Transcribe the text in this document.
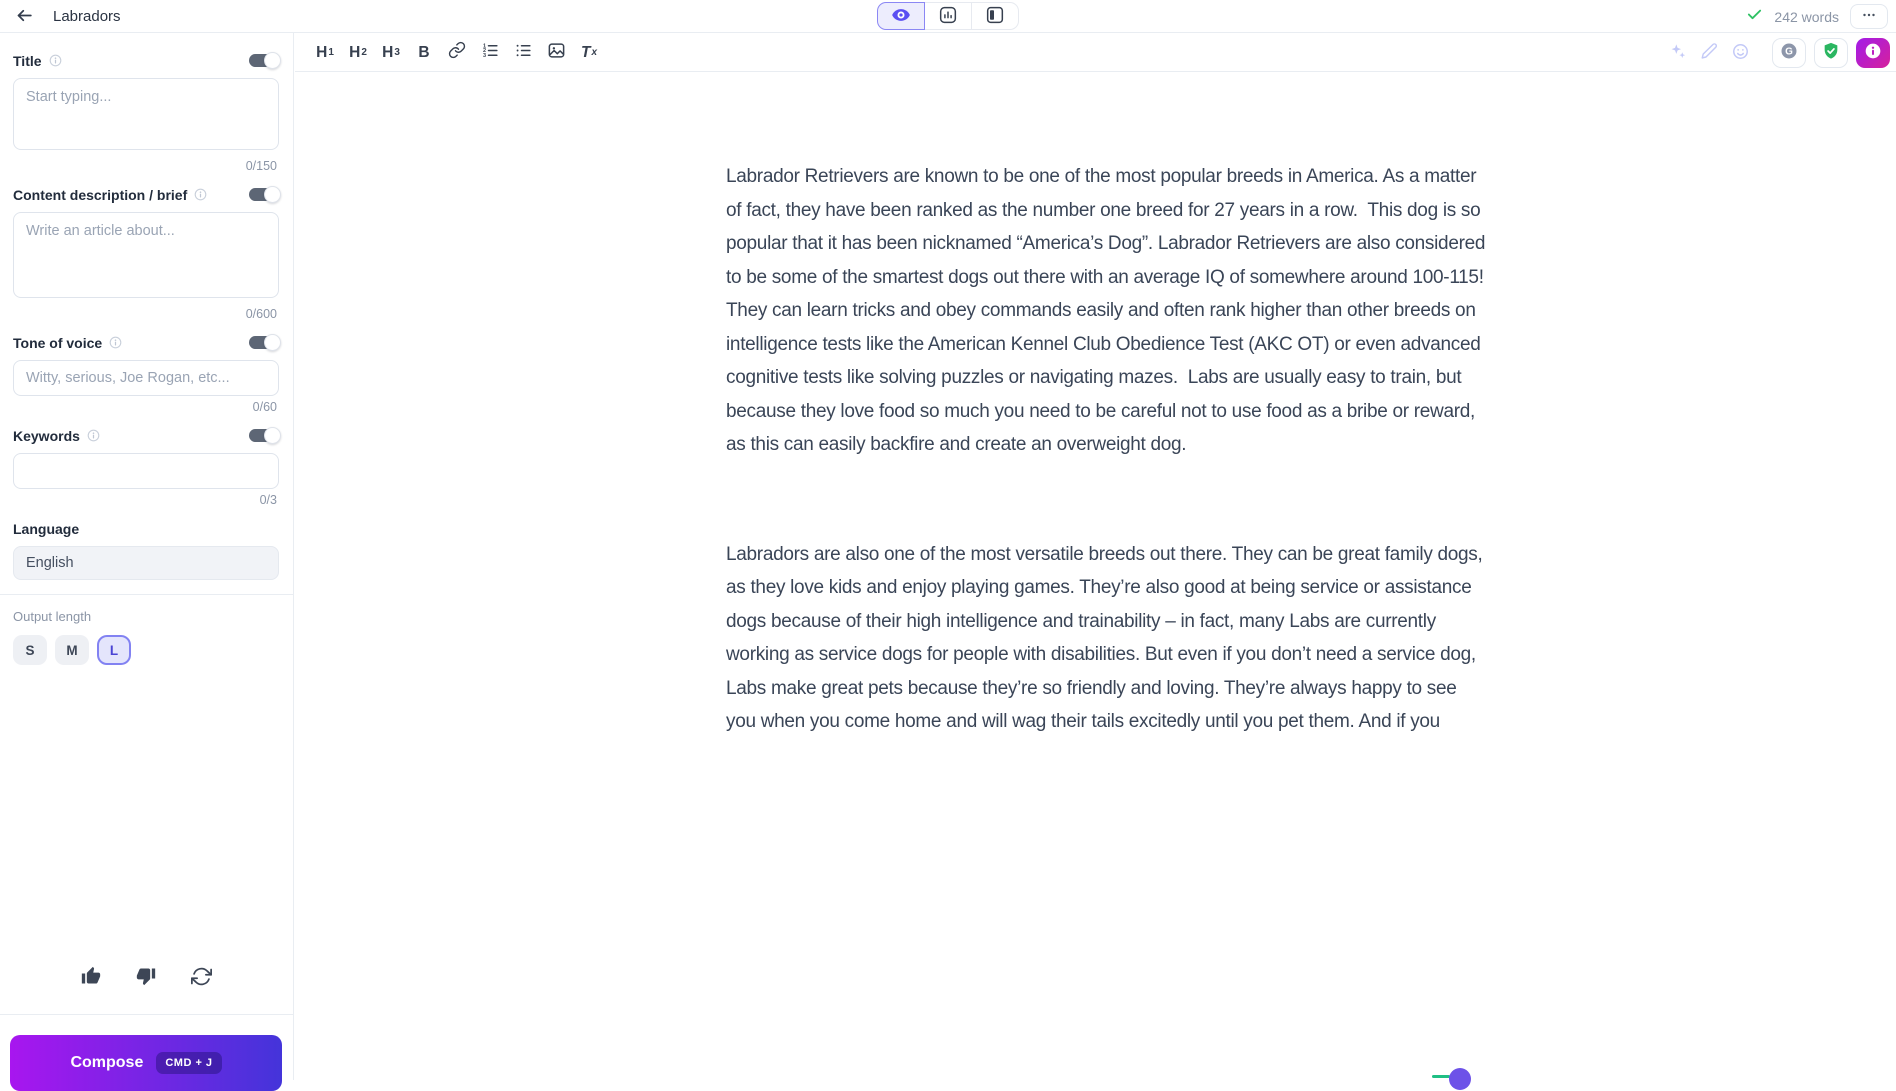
Labradors	242 words
Title
Start typing...
0/150
Content description / brief
Write an article about...
0/600
Tone of voice
Witty, serious, Joe Rogan, etc...
0/60
Keywords
0/3
Language
English
Output length
S	M	L
Compose	CMD + J
H 1 H 2 H 3 B	1
2
3	T x	G

Labrador Retrievers are known to be one of the most popular breeds in America. As a matter of fact, they have been ranked as the number one breed for 27 years in a row.  This dog is so popular that it has been nicknamed “America’s Dog”. Labrador Retrievers are also considered to be some of the smartest dogs out there with an average IQ of somewhere around 100-115! They can learn tricks and obey commands easily and often rank higher than other breeds on intelligence tests like the American Kennel Club Obedience Test (AKC OT) or even advanced cognitive tests like solving puzzles or navigating mazes.  Labs are usually easy to train, but because they love food so much you need to be careful not to use food as a bribe or reward, as this can easily backfire and create an overweight dog.

Labradors are also one of the most versatile breeds out there. They can be great family dogs, as they love kids and enjoy playing games. They’re also good at being service or assistance dogs because of their high intelligence and trainability – in fact, many Labs are currently working as service dogs for people with disabilities. But even if you don’t need a service dog, Labs make great pets because they’re so friendly and loving. They’re always happy to see you when you come home and will wag their tails excitedly until you pet them. And if you
